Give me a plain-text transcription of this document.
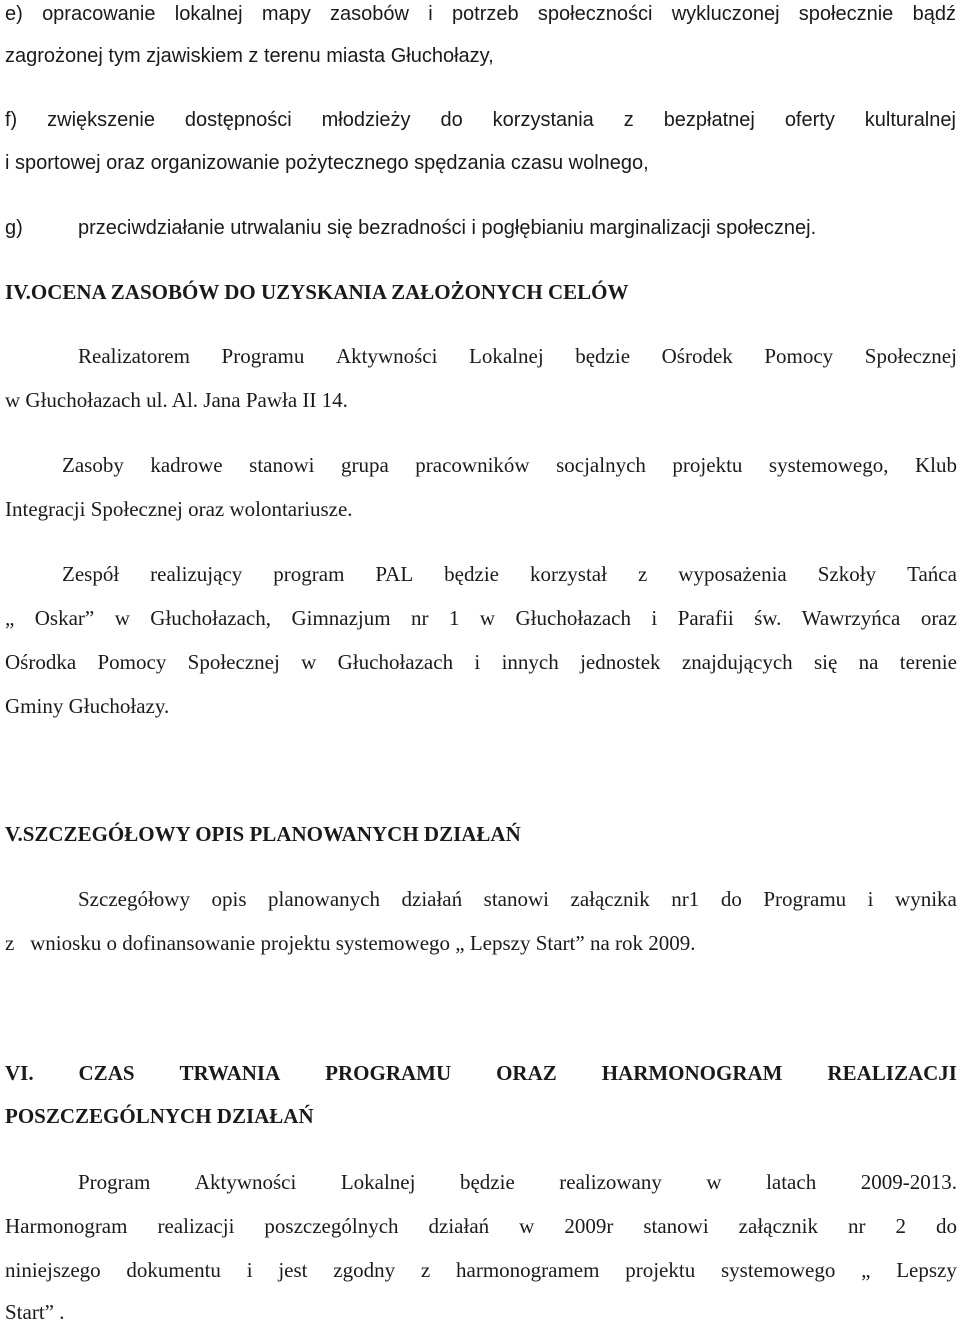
e) opracowanie lokalnej mapy zasobów i potrzeb społeczności wykluczonej społecznie bądź
zagrożonej tym zjawiskiem z terenu miasta Głuchołazy,
f) zwiększenie dostępności młodzieży do korzystania z bezpłatnej oferty kulturalnej
i sportowej oraz organizowanie pożytecznego spędzania czasu wolnego,
g)	przeciwdziałanie utrwalaniu się bezradności i pogłębianiu marginalizacji społecznej.
IV.OCENA ZASOBÓW DO UZYSKANIA ZAŁOŻONYCH CELÓW
Realizatorem Programu Aktywności Lokalnej będzie Ośrodek Pomocy Społecznej
w Głuchołazach ul. Al. Jana Pawła II 14.
Zasoby kadrowe stanowi grupa pracowników socjalnych projektu systemowego, Klub
Integracji Społecznej oraz wolontariusze.
Zespół realizujący program PAL będzie korzystał z wyposażenia Szkoły Tańca
„ Oskar” w Głuchołazach, Gimnazjum nr 1 w Głuchołazach i Parafii św. Wawrzyńca oraz
Ośrodka Pomocy Społecznej w Głuchołazach i innych jednostek znajdujących się na terenie
Gminy Głuchołazy.
V.SZCZEGÓŁOWY OPIS PLANOWANYCH DZIAŁAŃ
Szczegółowy opis planowanych działań stanowi załącznik nr1 do Programu i wynika
z   wniosku o dofinansowanie projektu systemowego „ Lepszy Start” na rok 2009.
VI. CZAS TRWANIA PROGRAMU ORAZ HARMONOGRAM REALIZACJI
POSZCZEGÓLNYCH DZIAŁAŃ
Program Aktywności Lokalnej będzie realizowany w latach 2009-2013.
Harmonogram realizacji poszczególnych działań w 2009r stanowi załącznik nr 2 do
niniejszego dokumentu i jest zgodny z harmonogramem projektu systemowego „ Lepszy
Start” .
